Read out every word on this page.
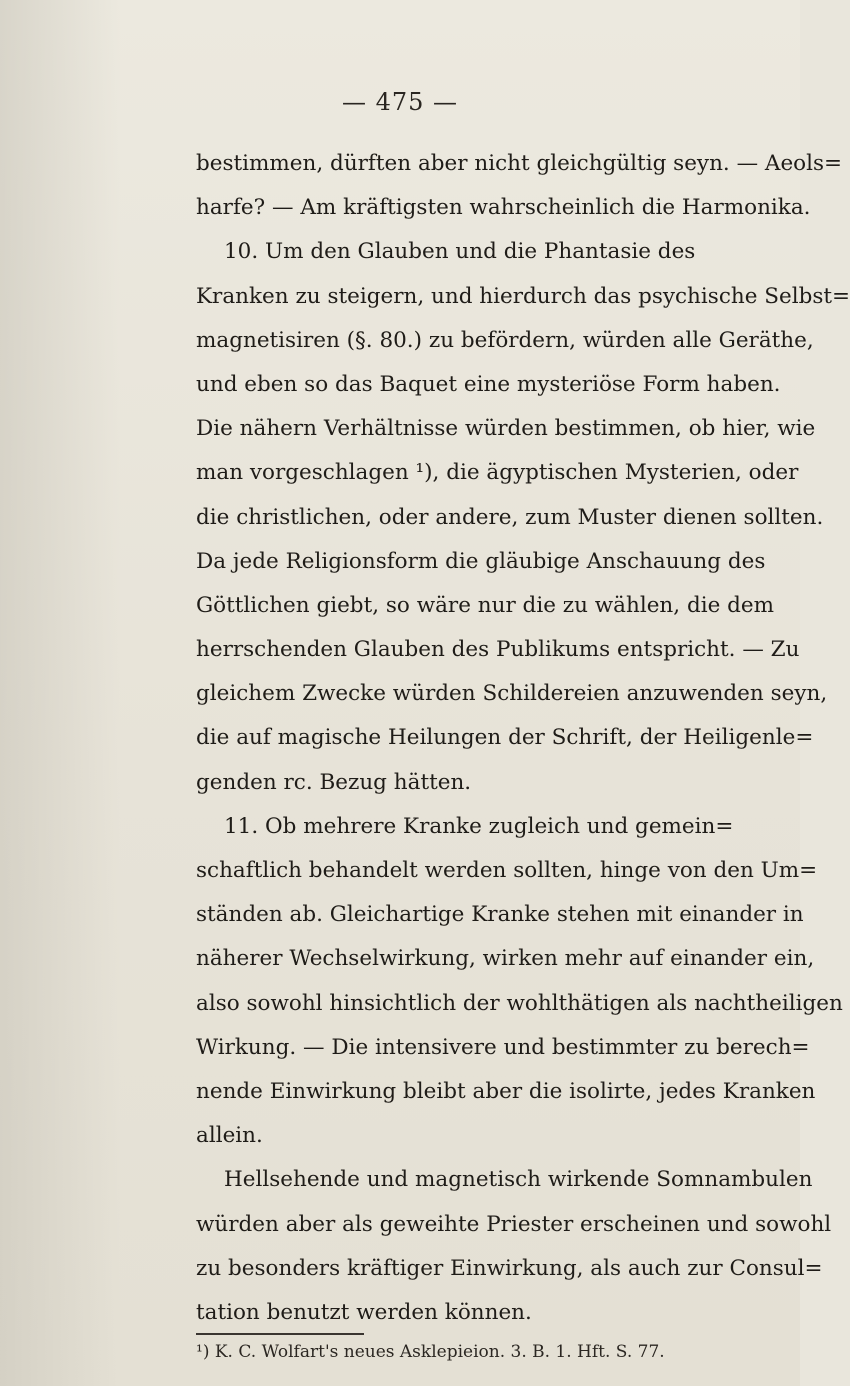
— 475 —
bestimmen, dürften aber nicht gleichgültig seyn. — Aeols=
harfe? — Am kräftigsten wahrscheinlich die Harmonika.
10. Um den Glauben und die Phantasie des
Kranken zu steigern, und hierdurch das psychische Selbst=
magnetisiren (§. 80.) zu befördern, würden alle Geräthe,
und eben so das Baquet eine mysteriöse Form haben.
Die nähern Verhältnisse würden bestimmen, ob hier, wie
man vorgeschlagen ¹), die ägyptischen Mysterien, oder
die christlichen, oder andere, zum Muster dienen sollten.
Da jede Religionsform die gläubige Anschauung des
Göttlichen giebt, so wäre nur die zu wählen, die dem
herrschenden Glauben des Publikums entspricht. — Zu
gleichem Zwecke würden Schildereien anzuwenden seyn,
die auf magische Heilungen der Schrift, der Heiligenle=
genden rc. Bezug hätten.
11. Ob mehrere Kranke zugleich und gemein=
schaftlich behandelt werden sollten, hinge von den Um=
ständen ab. Gleichartige Kranke stehen mit einander in
näherer Wechselwirkung, wirken mehr auf einander ein,
also sowohl hinsichtlich der wohlthätigen als nachtheiligen
Wirkung. — Die intensivere und bestimmter zu berech=
nende Einwirkung bleibt aber die isolirte, jedes Kranken
allein.
Hellsehende und magnetisch wirkende Somnambulen
würden aber als geweihte Priester erscheinen und sowohl
zu besonders kräftiger Einwirkung, als auch zur Consul=
tation benutzt werden können.
¹) K. C. Wolfart's neues Asklepieion. 3. B. 1. Hft. S. 77.
